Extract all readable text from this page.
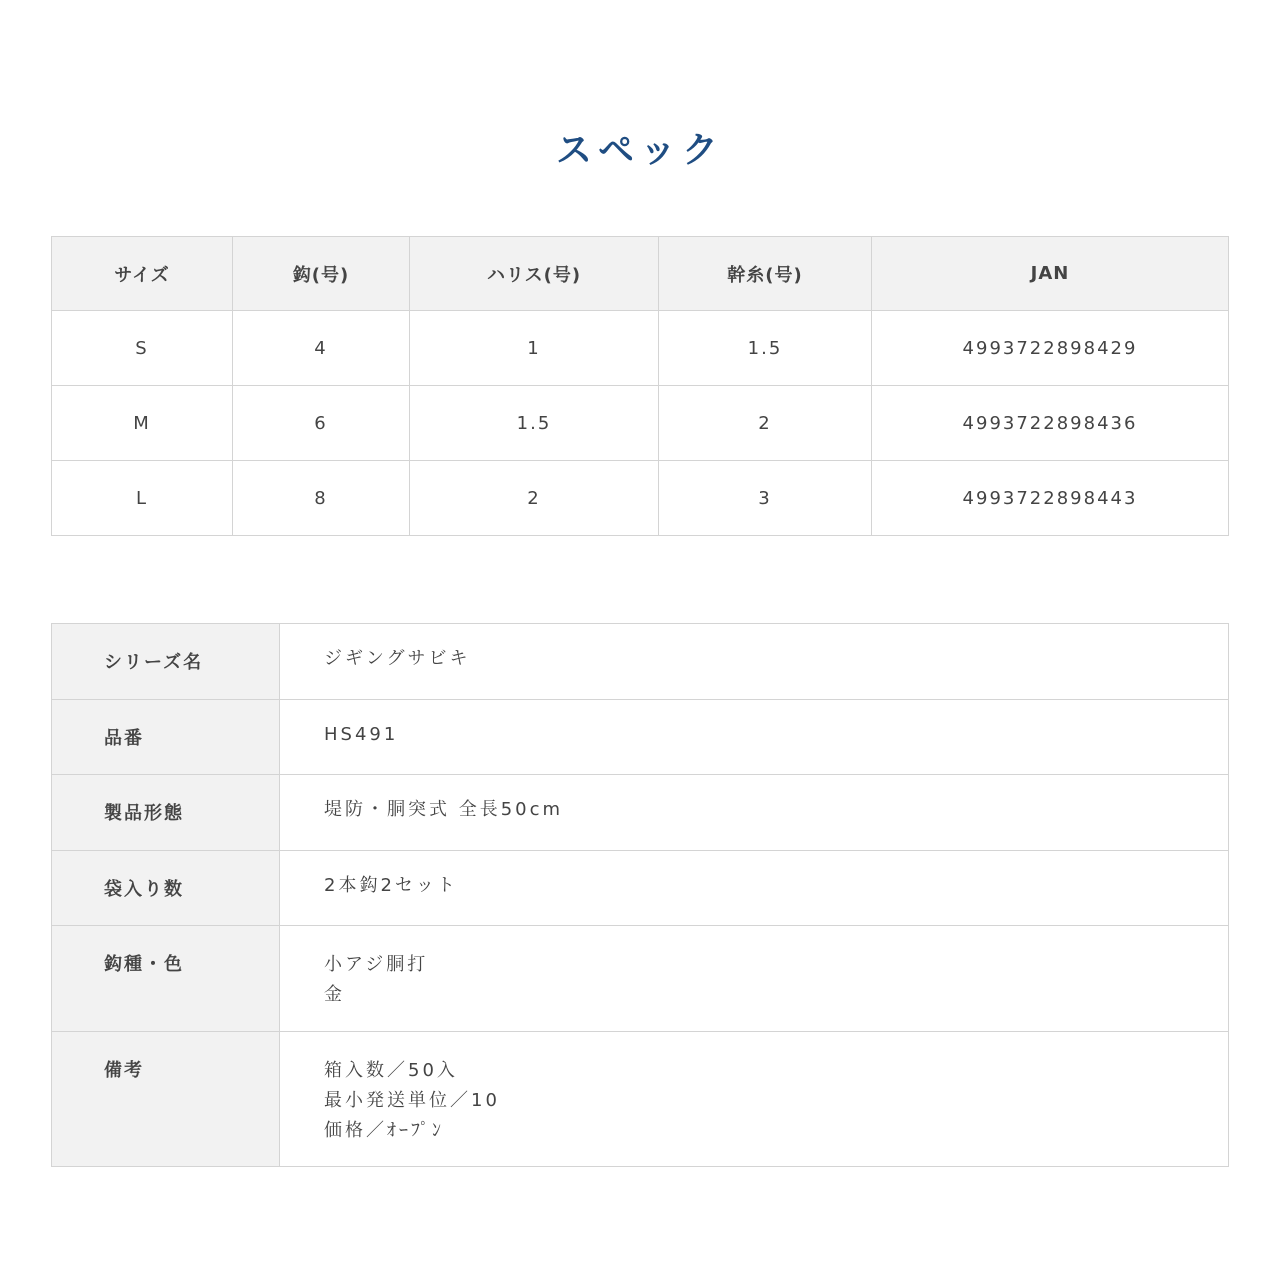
スペック
サイズ	鈎(号)	ハリス(号)	幹糸(号)	JAN
S	4	1	1.5	4993722898429
M	6	1.5	2	4993722898436
L	8	2	3	4993722898443
シリーズ名	ジギングサビキ

品番	HS491

製品形態	堤防・胴突式 全長50cm

袋入り数	2本鈎2セット

鈎種・色	小アジ胴打
金

備考	箱入数／50入
最小発送単位／10
価格／ｵｰﾌﾟﾝ
